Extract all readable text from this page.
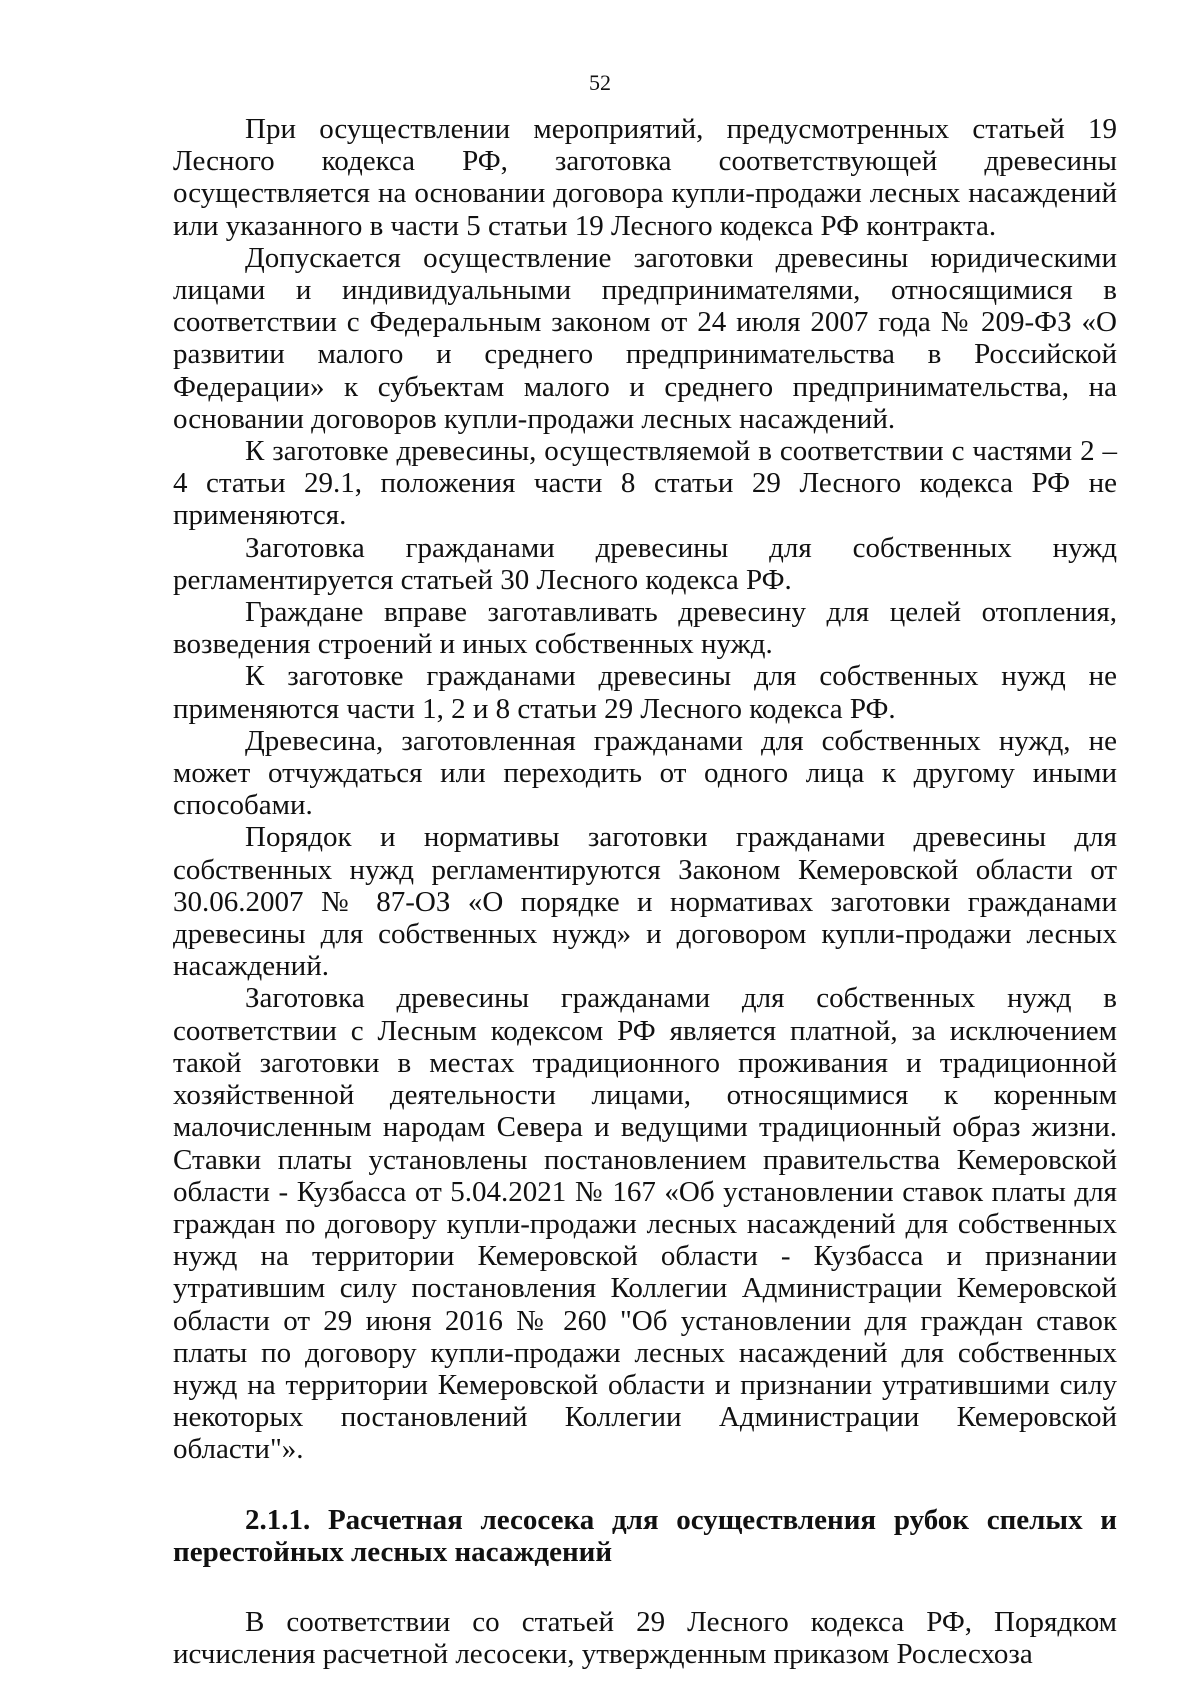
52

При осуществлении мероприятий, предусмотренных статьей 19 Лесного кодекса РФ, заготовка соответствующей древесины осуществляется на основании договора купли-продажи лесных насаждений или указанного в части 5 статьи 19 Лесного кодекса РФ контракта.

Допускается осуществление заготовки древесины юридическими лицами и индивидуальными предпринимателями, относящимися в соответствии с Федеральным законом от 24 июля 2007 года № 209-ФЗ «О развитии малого и среднего предпринимательства в Российской Федерации» к субъектам малого и среднего предпринимательства, на основании договоров купли-продажи лесных насаждений.

К заготовке древесины, осуществляемой в соответствии с частями 2 – 4 статьи 29.1, положения части 8 статьи 29 Лесного кодекса РФ не применяются.

Заготовка гражданами древесины для собственных нужд регламентируется статьей 30 Лесного кодекса РФ.

Граждане вправе заготавливать древесину для целей отопления, возведения строений и иных собственных нужд.

К заготовке гражданами древесины для собственных нужд не применяются части 1, 2 и 8 статьи 29 Лесного кодекса РФ.

Древесина, заготовленная гражданами для собственных нужд, не может отчуждаться или переходить от одного лица к другому иными способами.

Порядок и нормативы заготовки гражданами древесины для собственных нужд регламентируются Законом Кемеровской области от 30.06.2007 № 87-ОЗ «О порядке и нормативах заготовки гражданами древесины для собственных нужд» и договором купли-продажи лесных насаждений.

Заготовка древесины гражданами для собственных нужд в соответствии с Лесным кодексом РФ является платной, за исключением такой заготовки в местах традиционного проживания и традиционной хозяйственной деятельности лицами, относящимися к коренным малочисленным народам Севера и ведущими традиционный образ жизни. Ставки платы установлены постановлением правительства Кемеровской области - Кузбасса от 5.04.2021 № 167 «Об установлении ставок платы для граждан по договору купли-продажи лесных насаждений для собственных нужд на территории Кемеровской области - Кузбасса и признании утратившим силу постановления Коллегии Администрации Кемеровской области от 29 июня 2016 № 260 "Об установлении для граждан ставок платы по договору купли-продажи лесных насаждений для собственных нужд на территории Кемеровской области и признании утратившими силу некоторых постановлений Коллегии Администрации Кемеровской области"».

2.1.1. Расчетная лесосека для осуществления рубок спелых и перестойных лесных насаждений

В соответствии со статьей 29 Лесного кодекса РФ, Порядком исчисления расчетной лесосеки, утвержденным приказом Рослесхоза
